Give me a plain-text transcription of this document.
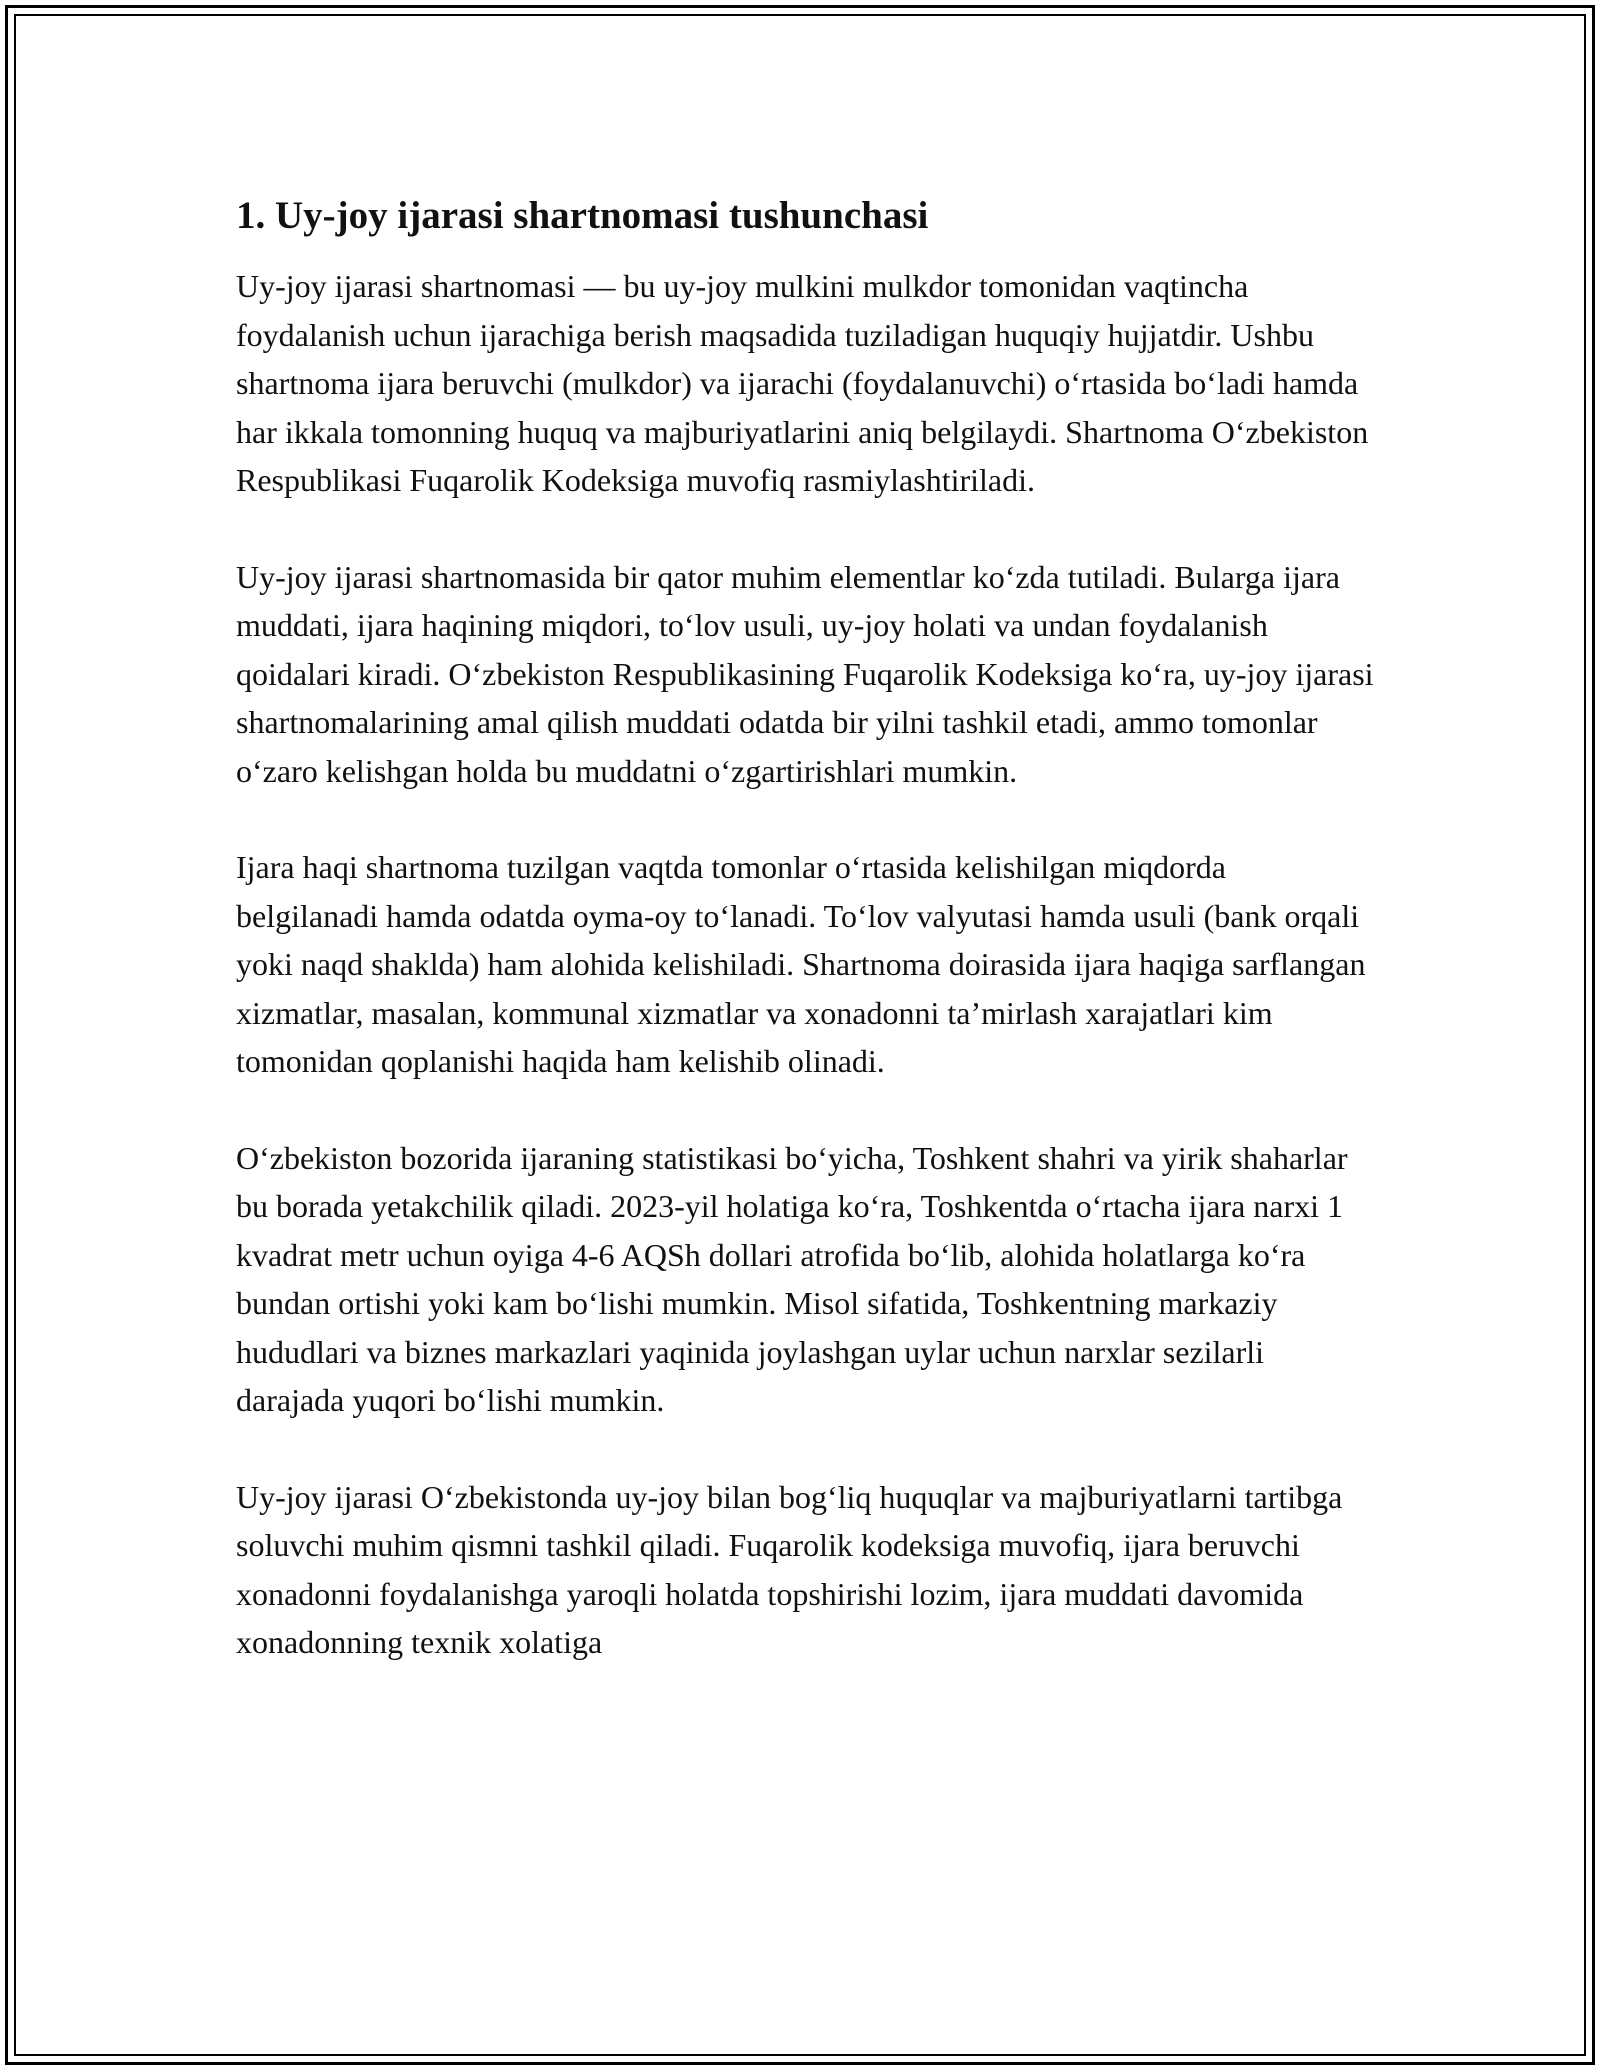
1. Uy-joy ijarasi shartnomasi tushunchasi

Uy-joy ijarasi shartnomasi — bu uy-joy mulkini mulkdor tomonidan vaqtincha foydalanish uchun ijarachiga berish maqsadida tuziladigan huquqiy hujjatdir. Ushbu shartnoma ijara beruvchi (mulkdor) va ijarachi (foydalanuvchi) o‘rtasida bo‘ladi hamda har ikkala tomonning huquq va majburiyatlarini aniq belgilaydi. Shartnoma O‘zbekiston Respublikasi Fuqarolik Kodeksiga muvofiq rasmiylashtiriladi.

Uy-joy ijarasi shartnomasida bir qator muhim elementlar ko‘zda tutiladi. Bularga ijara muddati, ijara haqining miqdori, to‘lov usuli, uy-joy holati va undan foydalanish qoidalari kiradi. O‘zbekiston Respublikasining Fuqarolik Kodeksiga ko‘ra, uy-joy ijarasi shartnomalarining amal qilish muddati odatda bir yilni tashkil etadi, ammo tomonlar o‘zaro kelishgan holda bu muddatni o‘zgartirishlari mumkin.

Ijara haqi shartnoma tuzilgan vaqtda tomonlar o‘rtasida kelishilgan miqdorda belgilanadi hamda odatda oyma-oy to‘lanadi. To‘lov valyutasi hamda usuli (bank orqali yoki naqd shakldа) ham alohida kelishiladi. Shartnoma doirasida ijara haqiga sarflangan xizmatlar, masalan, kommunal xizmatlar va xonadonni ta’mirlash xarajatlari kim tomonidan qoplanishi haqida ham kelishib olinadi.

O‘zbekiston bozorida ijaraning statistikasi bo‘yicha, Toshkent shahri va yirik shaharlar bu borada yetakchilik qiladi. 2023-yil holatiga ko‘ra, Toshkentda o‘rtacha ijara narxi 1 kvadrat metr uchun oyiga 4-6 AQSh dollari atrofida bo‘lib, alohida holatlarga ko‘ra bundan ortishi yoki kam bo‘lishi mumkin. Misol sifatida, Toshkentning markaziy hududlari va biznes markazlari yaqinida joylashgan uylar uchun narxlar sezilarli darajada yuqori bo‘lishi mumkin.

Uy-joy ijarasi O‘zbekistonda uy-joy bilan bog‘liq huquqlar va majburiyatlarni tartibga soluvchi muhim qismni tashkil qiladi. Fuqarolik kodeksiga muvofiq, ijara beruvchi xonadonni foydalanishga yaroqli holatda topshirishi lozim, ijara muddati davomida xonadonning texnik xolatiga
